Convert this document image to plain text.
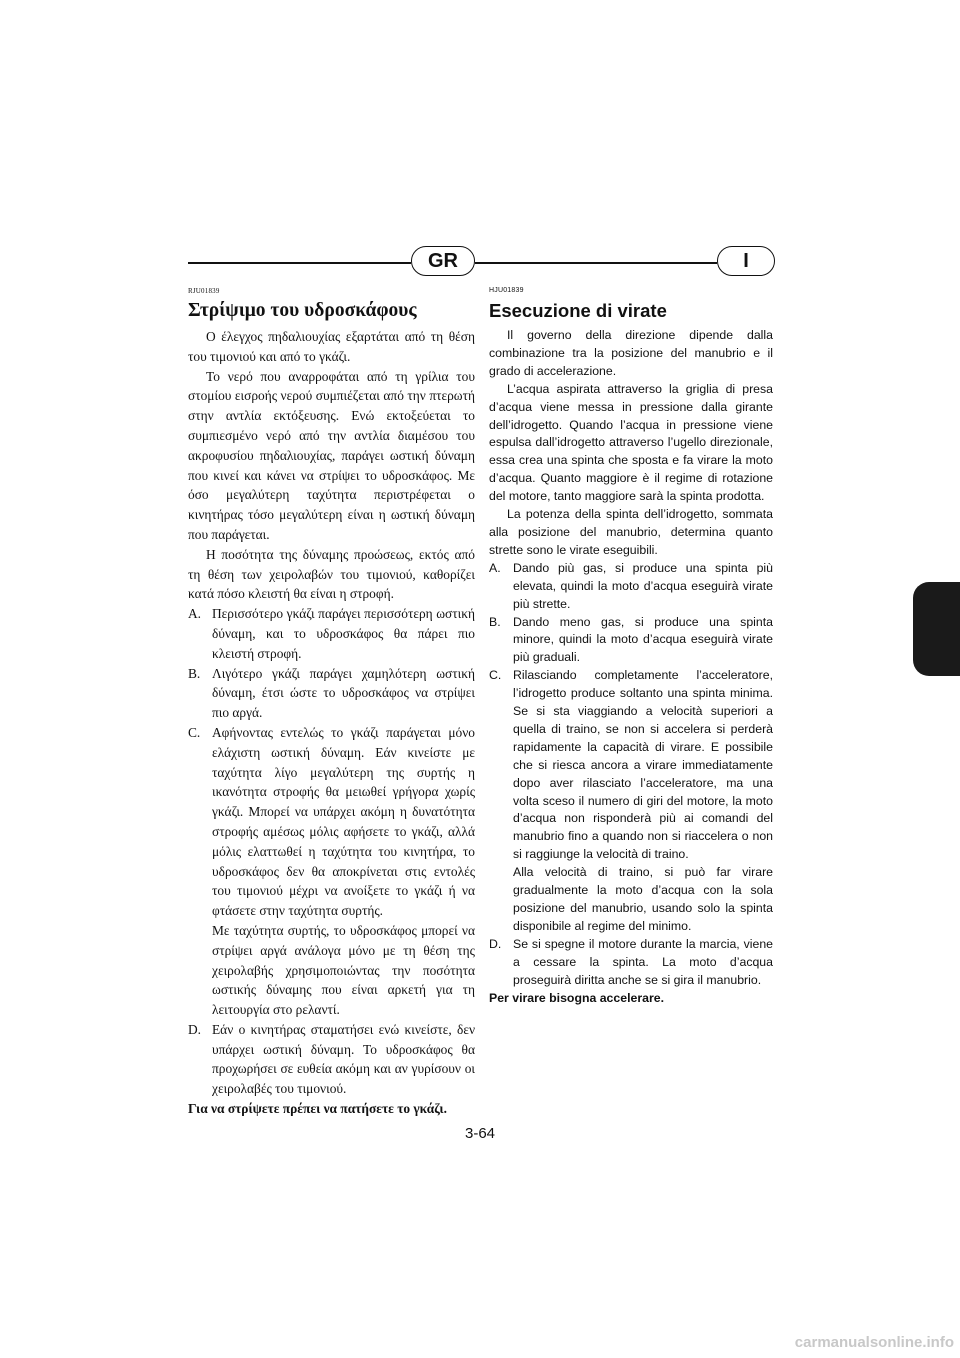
GR	I
RJU01839
Στρίψιμο του υδροσκάφους

Ο έλεγχος πηδαλιουχίας εξαρτάται από τη θέση του τιμονιού και από το γκάζι.

Το νερό που αναρροφάται από τη γρίλια του στομίου εισροής νερού συμπιέζεται από την πτερωτή στην αντλία εκτόξευσης. Ενώ εκτοξεύεται το συμπιεσμένο νερό από την αντλία διαμέσου του ακροφυσίου πηδαλιουχίας, παράγει ωστική δύναμη που κινεί και κάνει να στρίψει το υδροσκάφος. Με όσο μεγαλύτερη ταχύτητα περιστρέφεται ο κινητήρας τόσο μεγαλύτερη είναι η ωστική δύναμη που παράγεται.

Η ποσότητα της δύναμης προώσεως, εκτός από τη θέση των χειρολαβών του τιμονιού, καθορίζει κατά πόσο κλειστή θα είναι η στροφή.

A. Περισσότερο γκάζι παράγει περισσότερη ωστική δύναμη, και το υδροσκάφος θα πάρει πιο κλειστή στροφή.
B. Λιγότερο γκάζι παράγει χαμηλότερη ωστική δύναμη, έτσι ώστε το υδροσκάφος να στρίψει πιο αργά.
C. Αφήνοντας εντελώς το γκάζι παράγεται μόνο ελάχιστη ωστική δύναμη. Εάν κινείστε με ταχύτητα λίγο μεγαλύτερη της συρτής η ικανότητα στροφής θα μειωθεί γρήγορα χωρίς γκάζι. Μπορεί να υπάρχει ακόμη η δυνατότητα στροφής αμέσως μόλις αφήσετε το γκάζι, αλλά μόλις ελαττωθεί η ταχύτητα του κινητήρα, το υδροσκάφος δεν θα αποκρίνεται στις εντολές του τιμονιού μέχρι να ανοίξετε το γκάζι ή να φτάσετε στην ταχύτητα συρτής.
Με ταχύτητα συρτής, το υδροσκάφος μπορεί να στρίψει αργά ανάλογα μόνο με τη θέση της χειρολαβής χρησιμοποιώντας την ποσότητα ωστικής δύναμης που είναι αρκετή για τη λειτουργία στο ρελαντί.
D. Εάν ο κινητήρας σταματήσει ενώ κινείστε, δεν υπάρχει ωστική δύναμη. Το υδροσκάφος θα προχωρήσει σε ευθεία ακόμη και αν γυρίσουν οι χειρολαβές του τιμονιού.
Για να στρίψετε πρέπει να πατήσετε το γκάζι.
HJU01839
Esecuzione di virate

Il governo della direzione dipende dalla combinazione tra la posizione del manubrio e il grado di accelerazione.

L’acqua aspirata attraverso la griglia di presa d’acqua viene messa in pressione dalla girante dell’idrogetto. Quando l’acqua in pressione viene espulsa dall’idrogetto attraverso l’ugello direzionale, essa crea una spinta che sposta e fa virare la moto d’acqua. Quanto maggiore è il regime di rotazione del motore, tanto maggiore sarà la spinta prodotta.

La potenza della spinta dell’idrogetto, sommata alla posizione del manubrio, determina quanto strette sono le virate eseguibili.

A.	Dando più gas, si produce una spinta più elevata, quindi la moto d’acqua eseguirà virate più strette.
B.	Dando meno gas, si produce una spinta minore, quindi la moto d’acqua eseguirà virate più graduali.
C. Rilasciando completamente l’acceleratore, l’idrogetto produce soltanto una spinta minima. Se si sta viaggiando a velocità superiori a quella di traino, se non si accelera si perderà rapidamente la capacità di virare. E possibile che si riesca ancora a virare immediatamente dopo aver rilasciato l’acceleratore, ma una volta sceso il numero di giri del motore, la moto d’acqua non risponderà più ai comandi del manubrio fino a quando non si riaccelera o non si raggiunge la velocità di traino.
Alla velocità di traino, si può far virare gradualmente la moto d’acqua con la sola posizione del manubrio, usando solo la spinta disponibile al regime del minimo.
D. Se si spegne il motore durante la marcia, viene a cessare la spinta. La moto d’acqua proseguirà diritta anche se si gira il manubrio.
Per virare bisogna accelerare.
3-64
carmanualsonline.info
